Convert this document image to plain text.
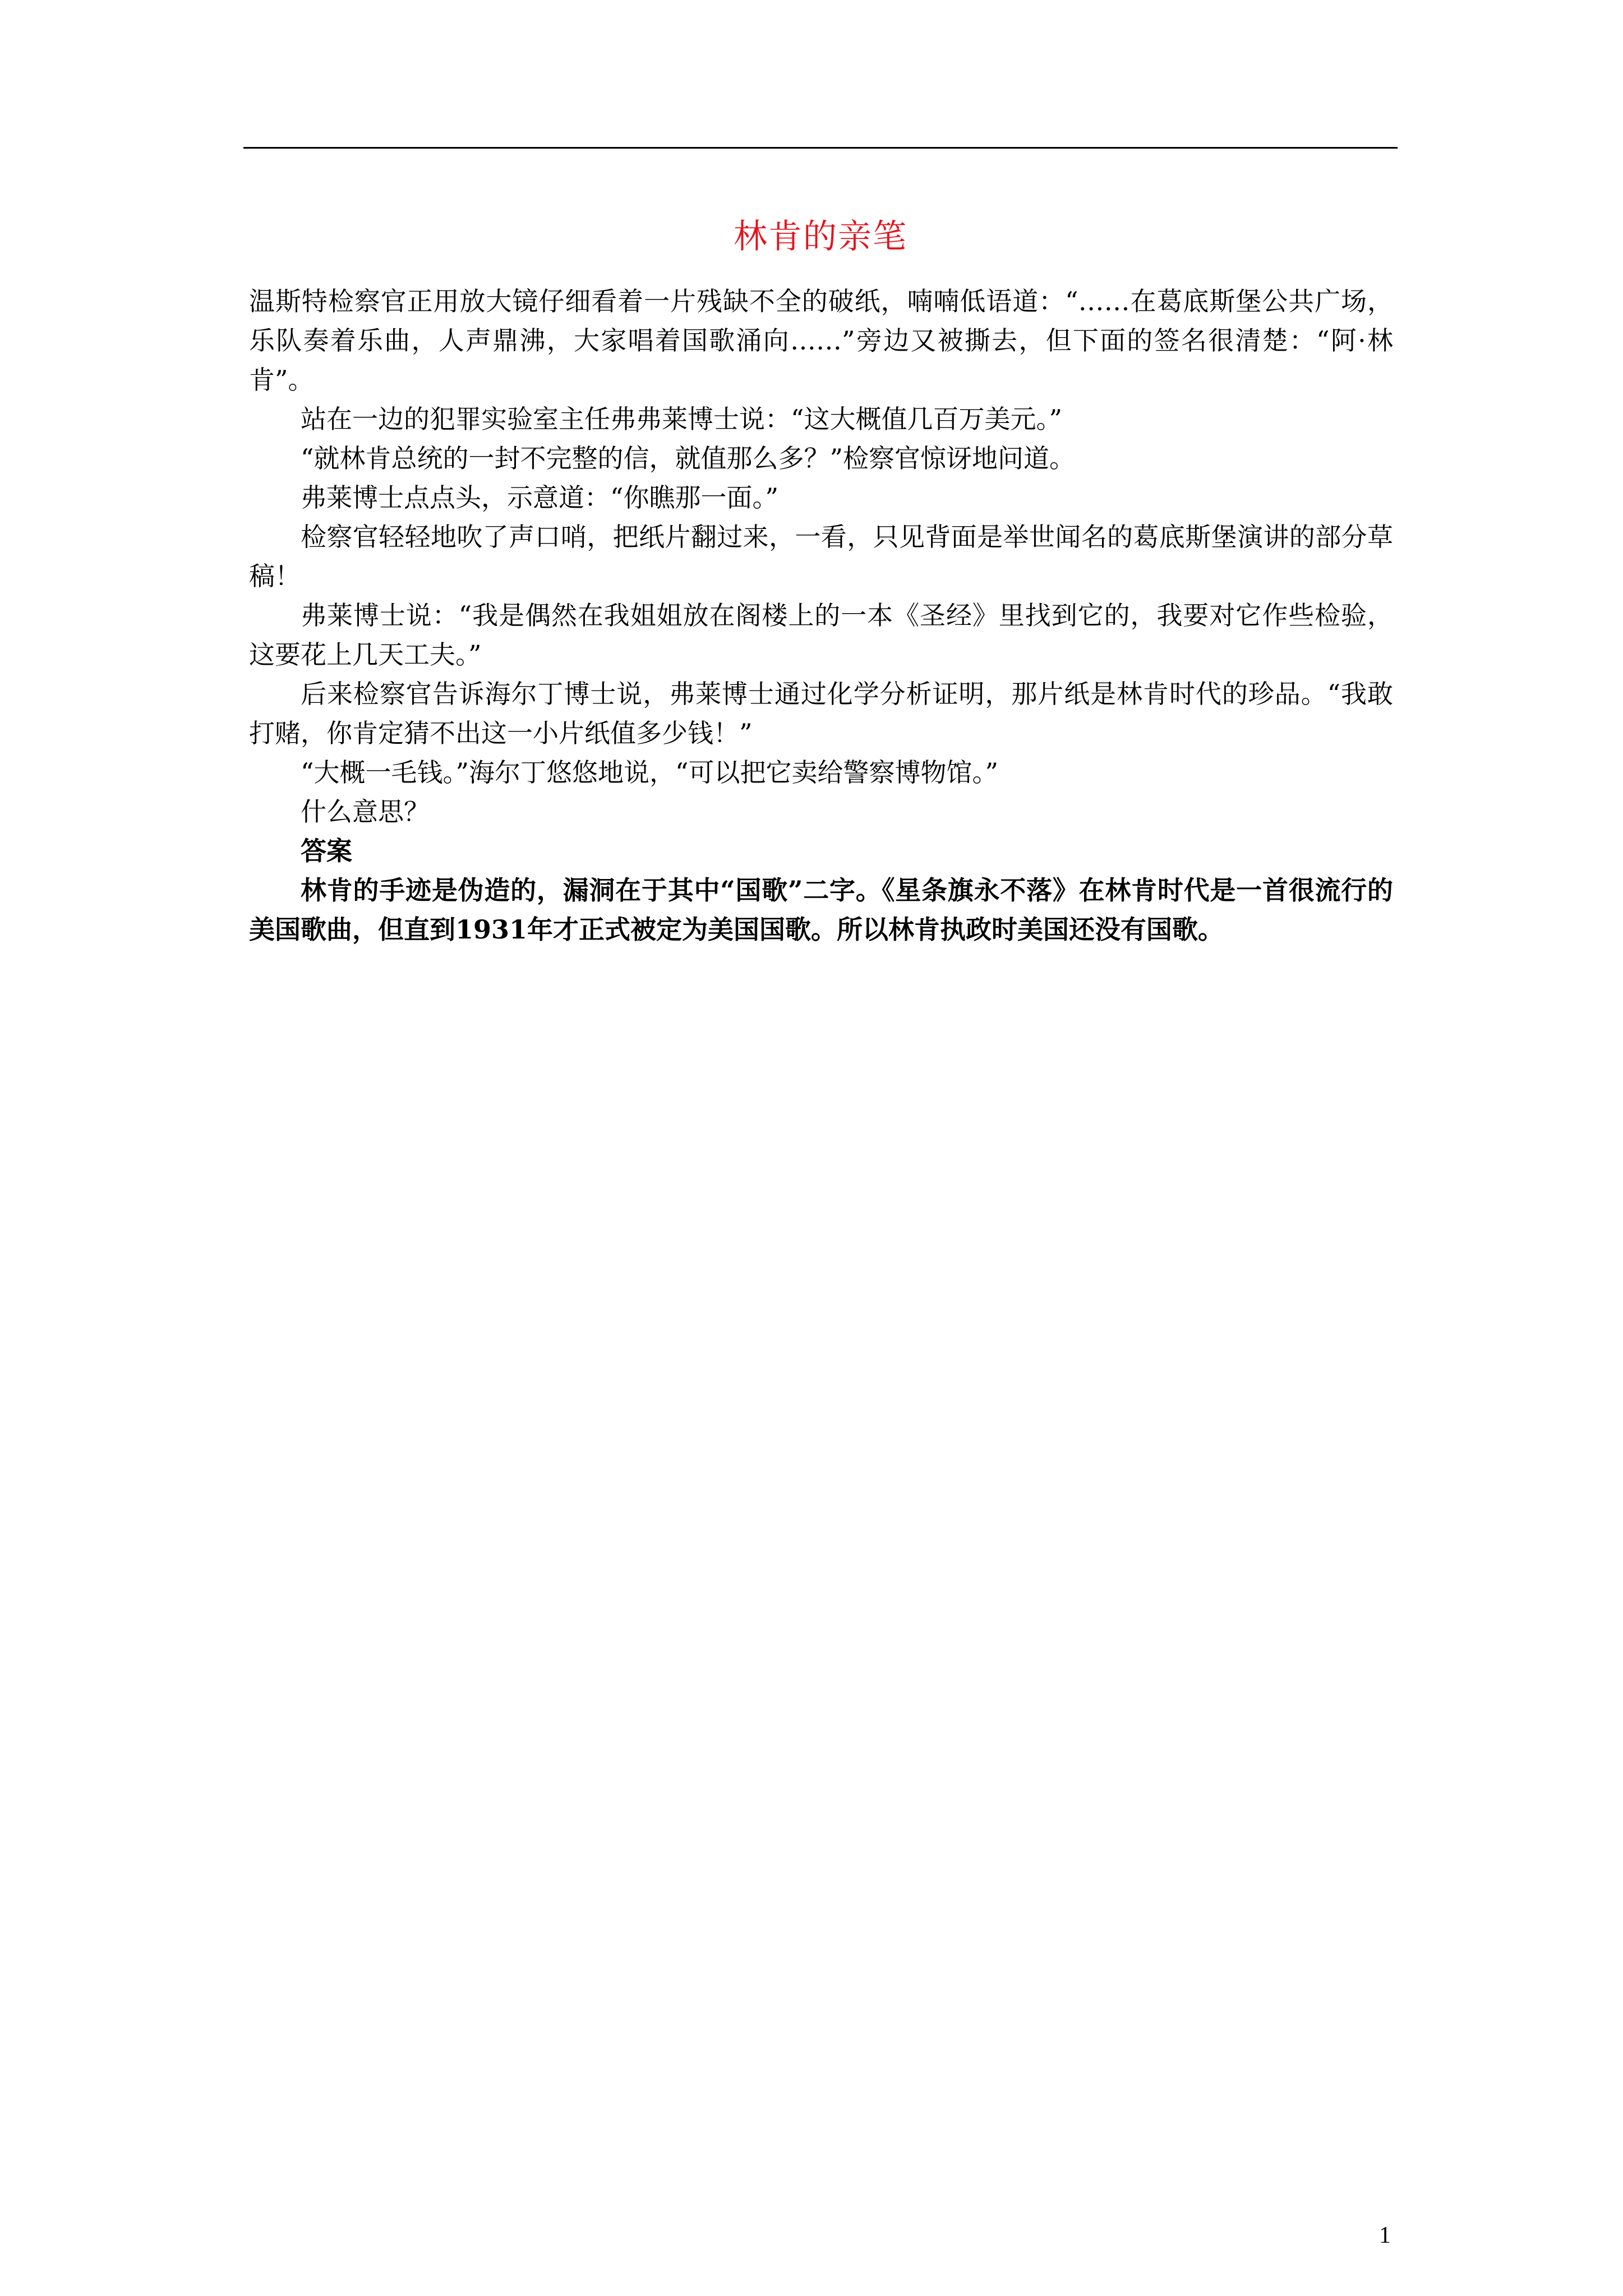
林肯的亲笔

温斯特检察官正用放大镜仔细看着一片残缺不全的破纸，喃喃低语道：“……在葛底斯堡公共广场，乐队奏着乐曲，人声鼎沸，大家唱着国歌涌向……”旁边又被撕去，但下面的签名很清楚：“阿·林肯”。

站在一边的犯罪实验室主任弗弗莱博士说：“这大概值几百万美元。”

“就林肯总统的一封不完整的信，就值那么多？”检察官惊讶地问道。

弗莱博士点点头，示意道：“你瞧那一面。”

检察官轻轻地吹了声口哨，把纸片翻过来，一看，只见背面是举世闻名的葛底斯堡演讲的部分草稿！

弗莱博士说：“我是偶然在我姐姐放在阁楼上的一本《圣经》里找到它的，我要对它作些检验，这要花上几天工夫。”

后来检察官告诉海尔丁博士说，弗莱博士通过化学分析证明，那片纸是林肯时代的珍品。“我敢打赌，你肯定猜不出这一小片纸值多少钱！”

“大概一毛钱。”海尔丁悠悠地说，“可以把它卖给警察博物馆。”

什么意思？

答案

林肯的手迹是伪造的，漏洞在于其中“国歌”二字。《星条旗永不落》在林肯时代是一首很流行的美国歌曲，但直到1931年才正式被定为美国国歌。所以林肯执政时美国还没有国歌。

1
